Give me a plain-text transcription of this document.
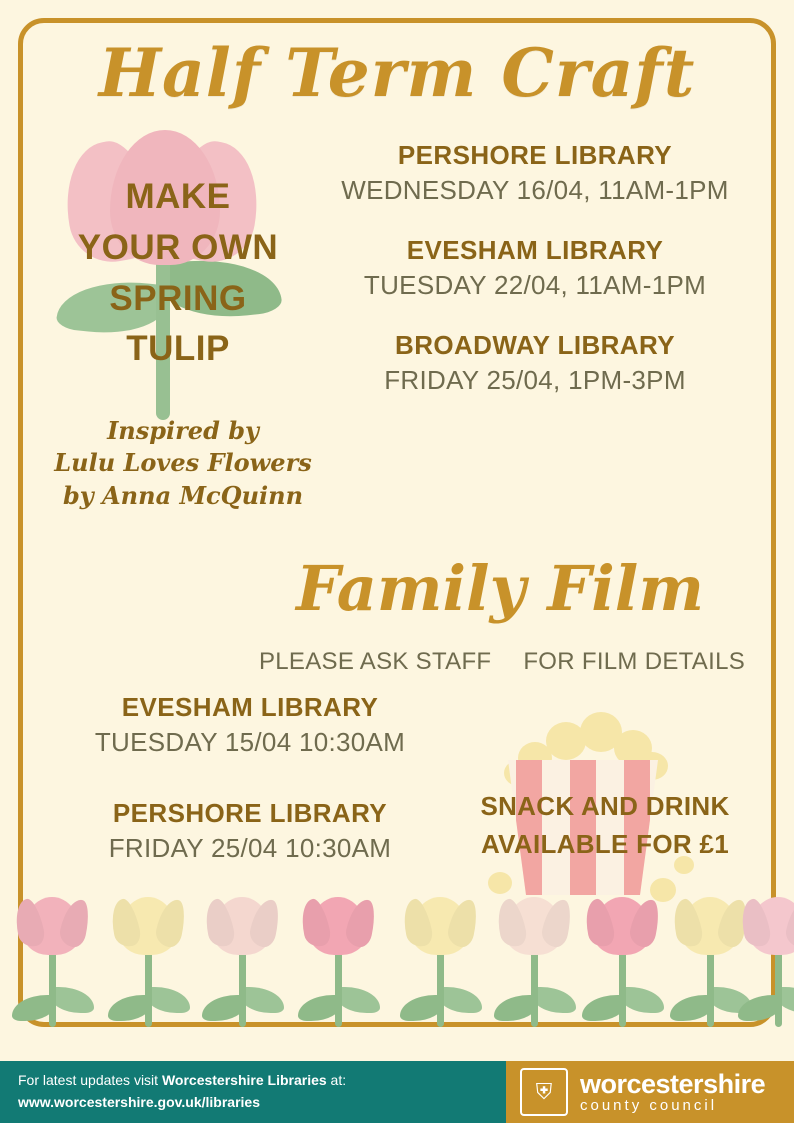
Half Term Craft
MAKE
YOUR OWN
SPRING
TULIP
Inspired by
Lulu Loves Flowers
by Anna McQuinn
PERSHORE LIBRARY
WEDNESDAY 16/04, 11AM-1PM
EVESHAM LIBRARY
TUESDAY 22/04, 11AM-1PM
BROADWAY LIBRARY
FRIDAY 25/04, 1PM-3PM
Family Film
PLEASE ASK STAFF FOR FILM DETAILS
EVESHAM LIBRARY
TUESDAY 15/04 10:30AM
PERSHORE LIBRARY
FRIDAY 25/04 10:30AM
SNACK AND DRINK
AVAILABLE FOR £1
For latest updates visit Worcestershire Libraries at:
www.worcestershire.gov.uk/libraries	⛨	worcestershire
county council
